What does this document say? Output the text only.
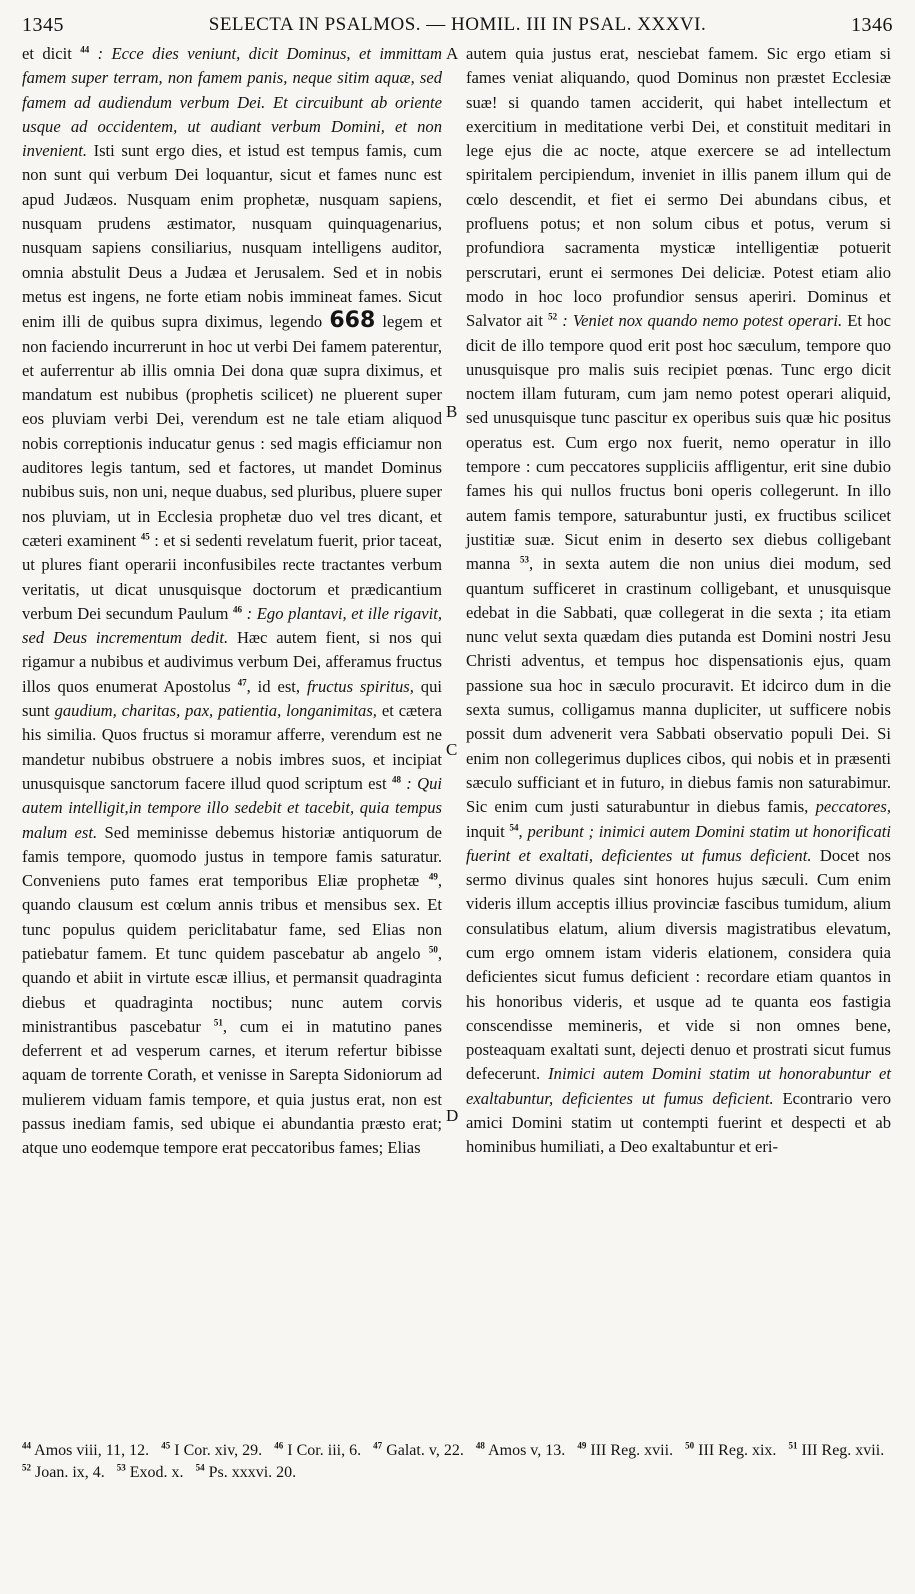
1345	SELECTA IN PSALMOS. — HOMIL. III IN PSAL. XXXVI.	1346
A
B
C
D

et dicit $^{44}$ : Ecce dies veniunt, dicit Dominus, et immittam famem super terram, non famem panis, neque sitim aquæ, sed famem ad audiendum verbum Dei. Et circuibunt ab oriente usque ad occidentem, ut audiant verbum Domini, et non invenient. Isti sunt ergo dies, et istud est tempus famis, cum non sunt qui verbum Dei loquantur, sicut et fames nunc est apud Judæos. Nusquam enim prophetæ, nusquam sapiens, nusquam prudens æstimator, nusquam quinquagenarius, nusquam sapiens consiliarius, nusquam intelligens auditor, omnia abstulit Deus a Judæa et Jerusalem. Sed et in nobis metus est ingens, ne forte etiam nobis immineat fames. Sicut enim illi de quibus supra diximus, legendo 668 legem et non faciendo incurrerunt in hoc ut verbi Dei famem paterentur, et auferrentur ab illis omnia Dei dona quæ supra diximus, et mandatum est nubibus (prophetis scilicet) ne pluerent super eos pluviam verbi Dei, verendum est ne tale etiam aliquod nobis correptionis inducatur genus : sed magis efficiamur non auditores legis tantum, sed et factores, ut mandet Dominus nubibus suis, non uni, neque duabus, sed pluribus, pluere super nos pluviam, ut in Ecclesia prophetæ duo vel tres dicant, et cæteri examinent $^{45}$ : et si sedenti revelatum fuerit, prior taceat, ut plures fiant operarii inconfusibiles recte tractantes verbum veritatis, ut dicat unusquisque doctorum et prædicantium verbum Dei secundum Paulum $^{46}$ : Ego plantavi, et ille rigavit, sed Deus incrementum dedit. Hæc autem fient, si nos qui rigamur a nubibus et audivimus verbum Dei, afferamus fructus illos quos enumerat Apostolus $^{47}$, id est, fructus spiritus, qui sunt gaudium, charitas, pax, patientia, longanimitas, et cætera his similia. Quos fructus si moramur afferre, verendum est ne mandetur nubibus obstruere a nobis imbres suos, et incipiat unusquisque sanctorum facere illud quod scriptum est $^{48}$ : Qui autem intelligit,in tempore illo sedebit et tacebit, quia tempus malum est. Sed meminisse debemus historiæ antiquorum de famis tempore, quomodo justus in tempore famis saturatur. Conveniens puto fames erat temporibus Eliæ prophetæ $^{49}$, quando clausum est cœlum annis tribus et mensibus sex. Et tunc populus quidem periclitabatur fame, sed Elias non patiebatur famem. Et tunc quidem pascebatur ab angelo $^{50}$, quando et abiit in virtute escæ illius, et permansit quadraginta diebus et quadraginta noctibus; nunc autem corvis ministrantibus pascebatur $^{51}$, cum ei in matutino panes deferrent et ad vesperum carnes, et iterum refertur bibisse aquam de torrente Corath, et venisse in Sarepta Sidoniorum ad mulierem viduam famis tempore, et quia justus erat, non est passus inediam famis, sed ubique ei abundantia præsto erat; atque uno eodemque tempore erat peccatoribus fames; Elias

autem quia justus erat, nesciebat famem. Sic ergo etiam si fames veniat aliquando, quod Dominus non præstet Ecclesiæ suæ! si quando tamen acciderit, qui habet intellectum et exercitium in meditatione verbi Dei, et constituit meditari in lege ejus die ac nocte, atque exercere se ad intellectum spiritalem percipiendum, inveniet in illis panem illum qui de cœlo descendit, et fiet ei sermo Dei abundans cibus, et profluens potus; et non solum cibus et potus, verum si profundiora sacramenta mysticæ intelligentiæ potuerit perscrutari, erunt ei sermones Dei deliciæ. Potest etiam alio modo in hoc loco profundior sensus aperiri. Dominus et Salvator ait $^{52}$ : Veniet nox quando nemo potest operari. Et hoc dicit de illo tempore quod erit post hoc sæculum, tempore quo unusquisque pro malis suis recipiet pœnas. Tunc ergo dicit noctem illam futuram, cum jam nemo potest operari aliquid, sed unusquisque tunc pascitur ex operibus suis quæ hic positus operatus est. Cum ergo nox fuerit, nemo operatur in illo tempore : cum peccatores suppliciis affligentur, erit sine dubio fames his qui nullos fructus boni operis collegerunt. In illo autem famis tempore, saturabuntur justi, ex fructibus scilicet justitiæ suæ. Sicut enim in deserto sex diebus colligebant manna $^{53}$, in sexta autem die non unius diei modum, sed quantum sufficeret in crastinum colligebant, et unusquisque edebat in die Sabbati, quæ collegerat in die sexta ; ita etiam nunc velut sexta quædam dies putanda est Domini nostri Jesu Christi adventus, et tempus hoc dispensationis ejus, quam passione sua hoc in sæculo procuravit. Et idcirco dum in die sexta sumus, colligamus manna dupliciter, ut sufficere nobis possit dum advenerit vera Sabbati observatio populi Dei. Si enim non collegerimus duplices cibos, qui nobis et in præsenti sæculo sufficiant et in futuro, in diebus famis non saturabimur. Sic enim cum justi saturabuntur in diebus famis, peccatores, inquit $^{54}$, peribunt ; inimici autem Domini statim ut honorificati fuerint et exaltati, deficientes ut fumus deficient. Docet nos sermo divinus quales sint honores hujus sæculi. Cum enim videris illum acceptis illius provinciæ fascibus tumidum, alium consulatibus elatum, alium diversis magistratibus elevatum, cum ergo omnem istam videris elationem, considera quia deficientes sicut fumus deficient : recordare etiam quantos in his honoribus videris, et usque ad te quanta eos fastigia conscendisse memineris, et vide si non omnes bene, posteaquam exaltati sunt, dejecti denuo et prostrati sicut fumus defecerunt. Inimici autem Domini statim ut honorabuntur et exaltabuntur, deficientes ut fumus deficient. Econtrario vero amici Domini statim ut contempti fuerint et despecti et ab hominibus humiliati, a Deo exaltabuntur et eri-

$^{44}$ Amos viii, 11, 12. $^{45}$ I Cor. xiv, 29. $^{46}$ I Cor. iii, 6. $^{47}$ Galat. v, 22. $^{48}$ Amos v, 13. $^{49}$ III Reg. xvii. $^{50}$ III Reg. xix. $^{51}$ III Reg. xvii.   $^{52}$ Joan. ix, 4. $^{53}$ Exod. x. $^{54}$ Ps. xxxvi. 20.
